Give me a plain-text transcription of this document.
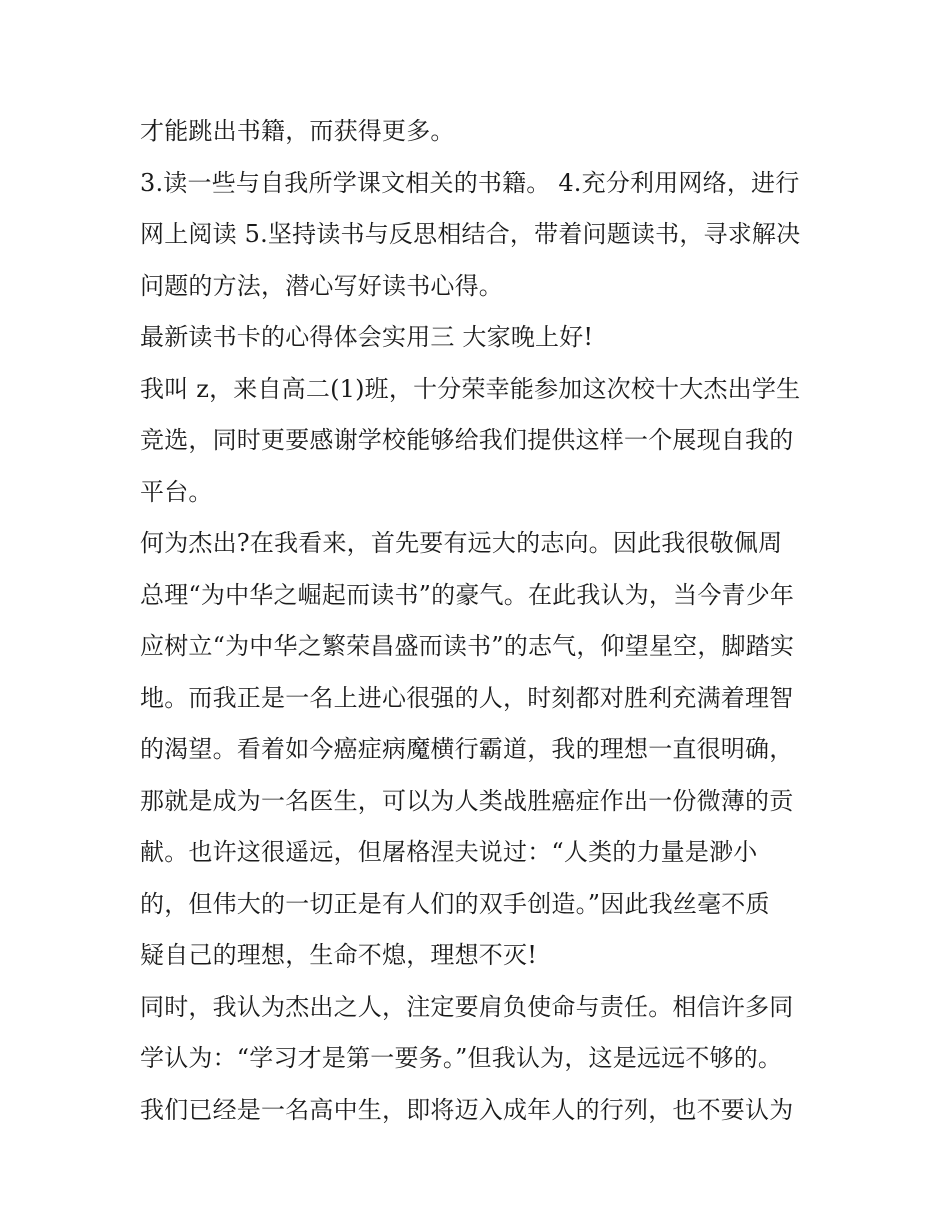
才能跳出书籍，而获得更多。
3.读一些与自我所学课文相关的书籍。 4.充分利用网络，进行
网上阅读 5.坚持读书与反思相结合，带着问题读书，寻求解决
问题的方法，潜心写好读书心得。
最新读书卡的心得体会实用三 大家晚上好!
我叫 z，来自高二(1)班，十分荣幸能参加这次校十大杰出学生
竞选，同时更要感谢学校能够给我们提供这样一个展现自我的
平台。
何为杰出?在我看来，首先要有远大的志向。因此我很敬佩周
总理“为中华之崛起而读书”的豪气。在此我认为，当今青少年
应树立“为中华之繁荣昌盛而读书”的志气，仰望星空，脚踏实
地。而我正是一名上进心很强的人，时刻都对胜利充满着理智
的渴望。看着如今癌症病魔横行霸道，我的理想一直很明确，
那就是成为一名医生，可以为人类战胜癌症作出一份微薄的贡
献。也许这很遥远，但屠格涅夫说过：“人类的力量是渺小
的，但伟大的一切正是有人们的双手创造。”因此我丝毫不质
疑自己的理想，生命不熄，理想不灭!
同时，我认为杰出之人，注定要肩负使命与责任。相信许多同
学认为：“学习才是第一要务。”但我认为，这是远远不够的。
我们已经是一名高中生，即将迈入成年人的行列，也不要认为
